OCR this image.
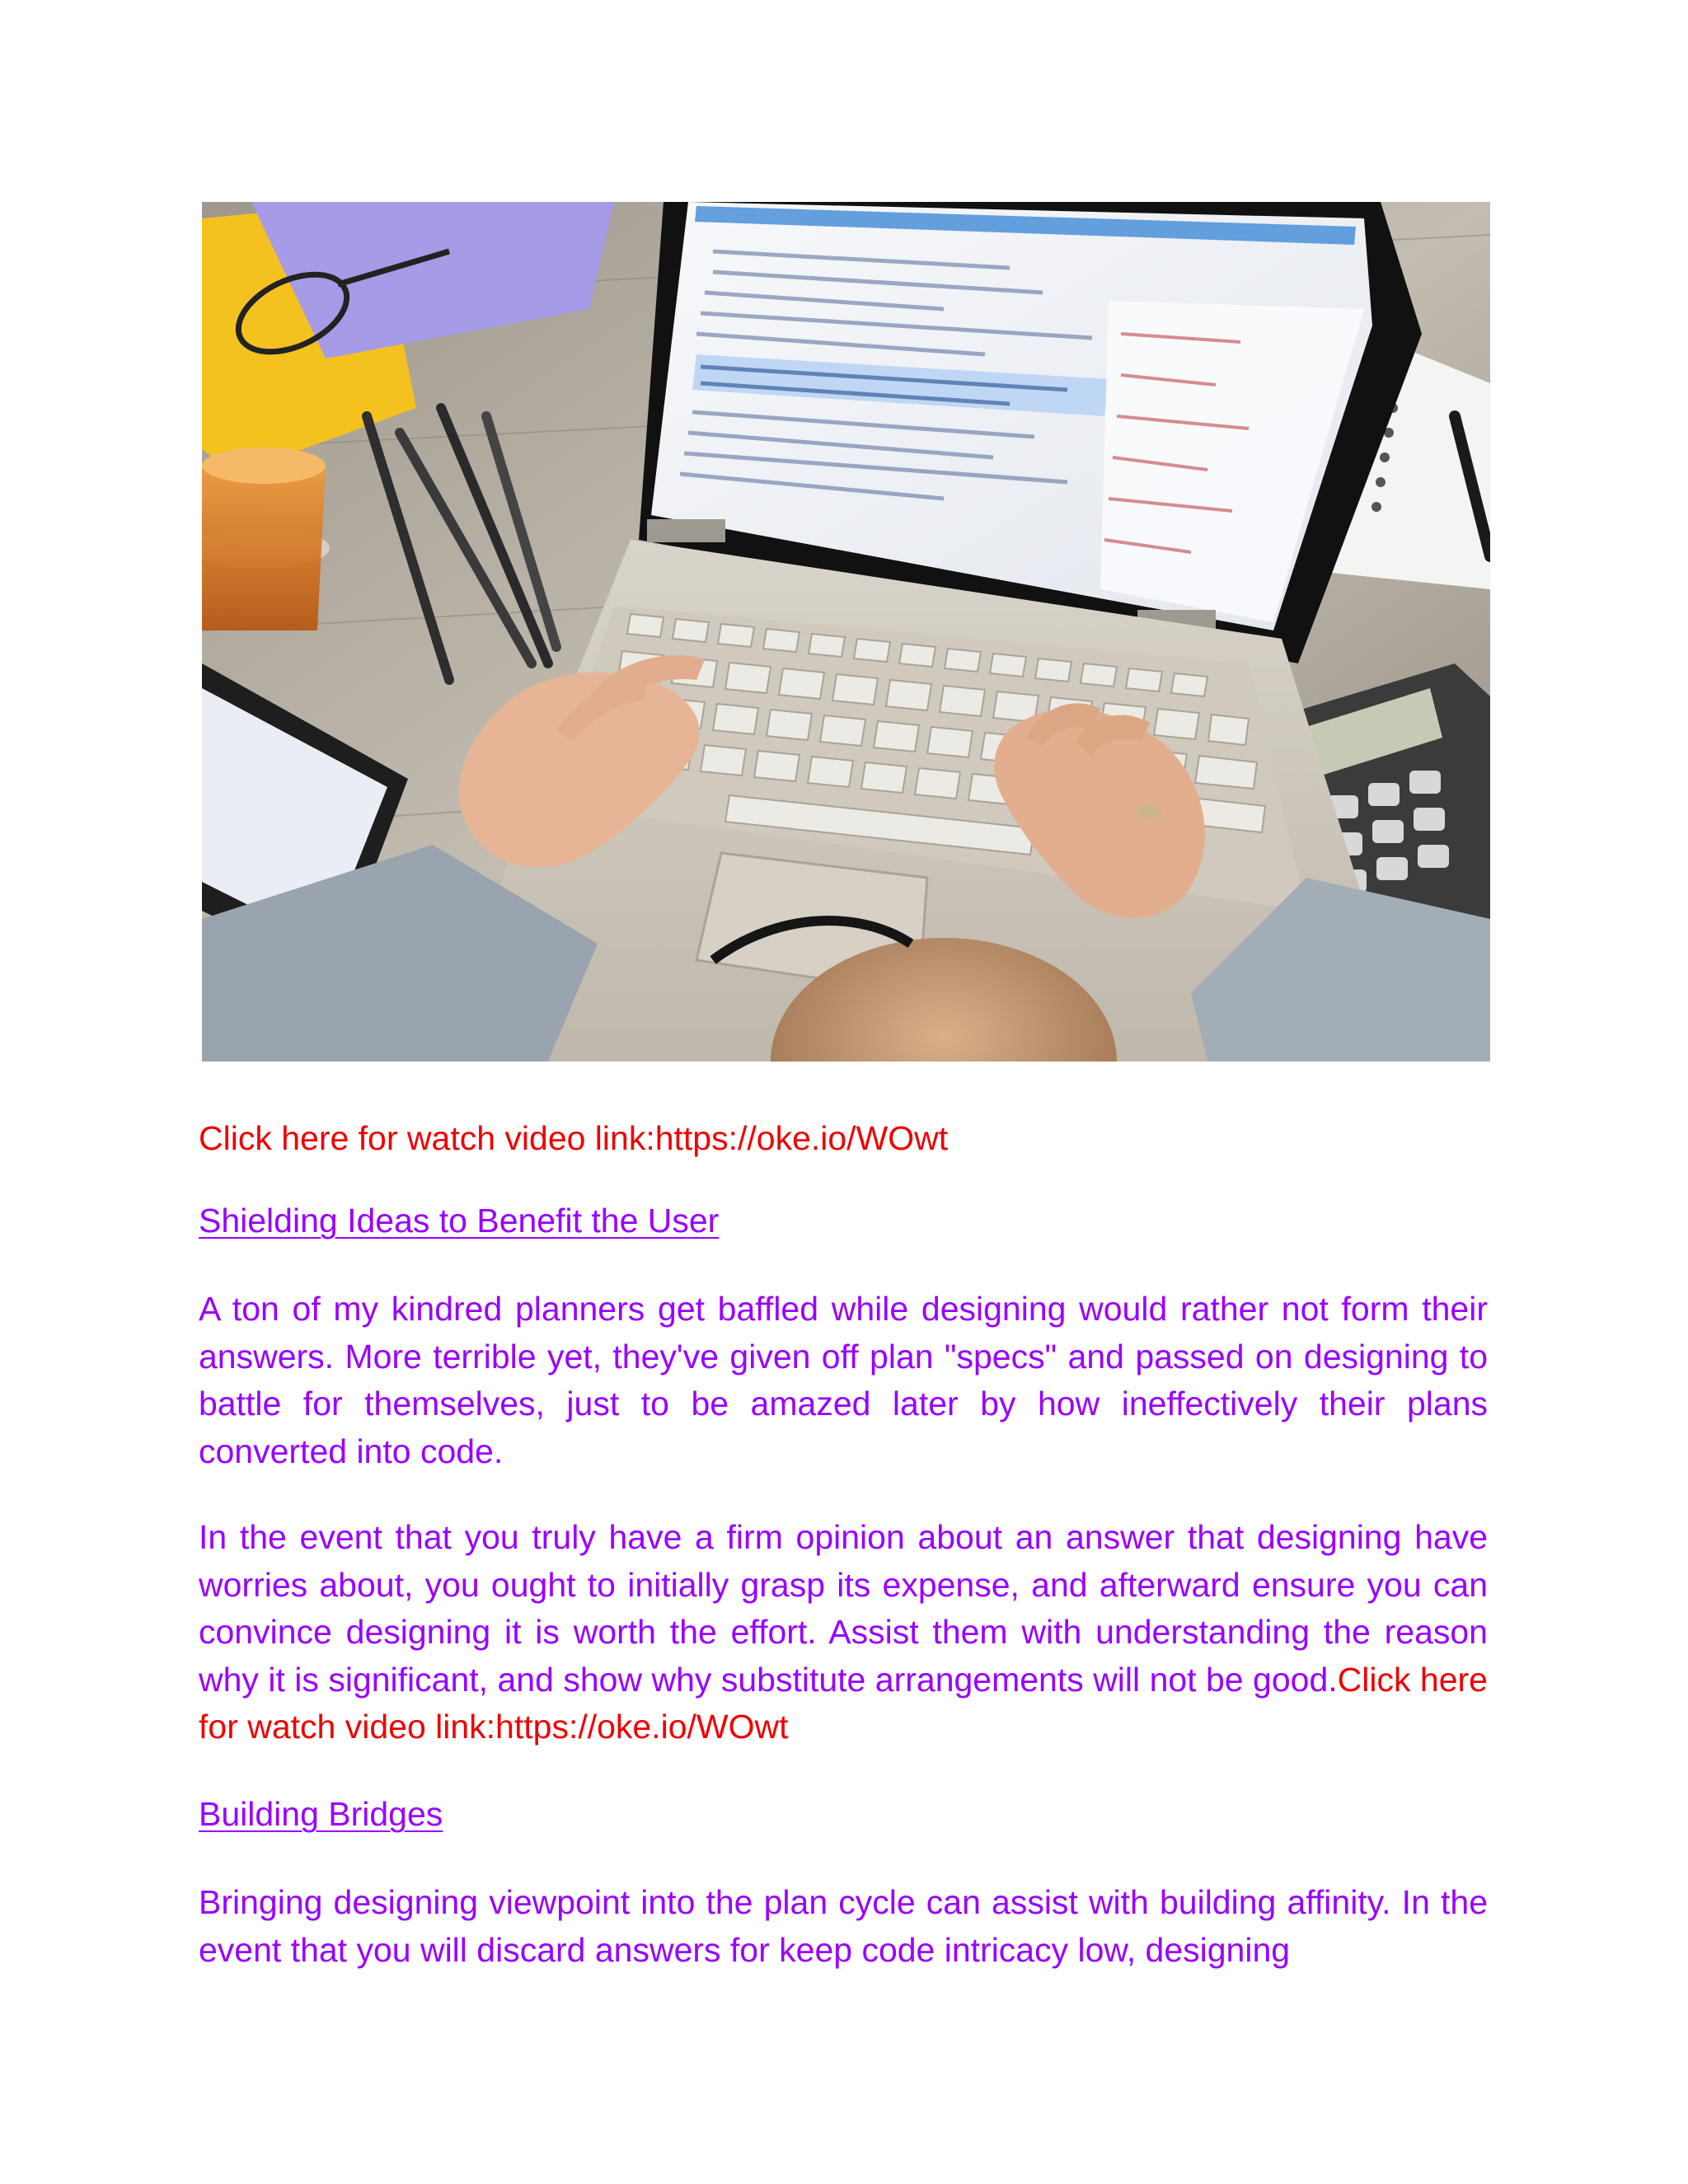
Click here for watch video link:https://oke.io/WOwt
Shielding Ideas to Benefit the User
A ton of my kindred planners get baffled while designing would rather not form their answers. More terrible yet, they've given off plan "specs" and passed on designing to battle for themselves, just to be amazed later by how ineffectively their plans converted into code.
In the event that you truly have a firm opinion about an answer that designing have worries about, you ought to initially grasp its expense, and afterward ensure you can convince designing it is worth the effort. Assist them with understanding the reason why it is significant, and show why substitute arrangements will not be good.Click here for watch video link:https://oke.io/WOwt
Building Bridges
Bringing designing viewpoint into the plan cycle can assist with building affinity. In the event that you will discard answers for keep code intricacy low, designing
